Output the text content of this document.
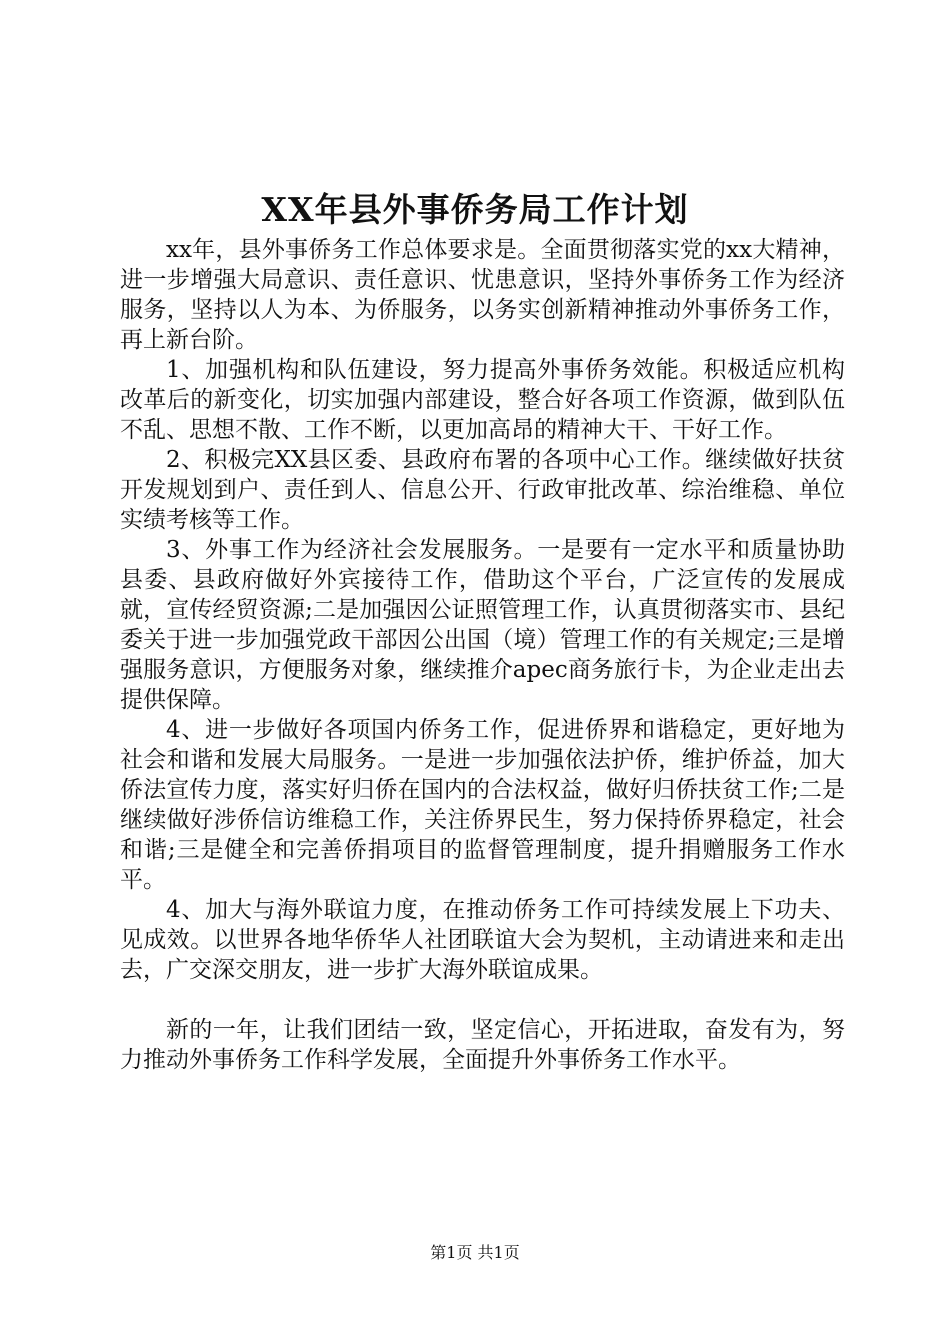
XX年县外事侨务局工作计划

xx年，县外事侨务工作总体要求是。全面贯彻落实党的xx大精神，进一步增强大局意识、责任意识、忧患意识，坚持外事侨务工作为经济服务，坚持以人为本、为侨服务，以务实创新精神推动外事侨务工作，再上新台阶。

1、加强机构和队伍建设，努力提高外事侨务效能。积极适应机构改革后的新变化，切实加强内部建设，整合好各项工作资源，做到队伍不乱、思想不散、工作不断，以更加高昂的精神大干、干好工作。

2、积极完XX县区委、县政府布署的各项中心工作。继续做好扶贫开发规划到户、责任到人、信息公开、行政审批改革、综治维稳、单位实绩考核等工作。

3、外事工作为经济社会发展服务。一是要有一定水平和质量协助县委、县政府做好外宾接待工作，借助这个平台，广泛宣传的发展成就，宣传经贸资源;二是加强因公证照管理工作，认真贯彻落实市、县纪委关于进一步加强党政干部因公出国（境）管理工作的有关规定;三是增强服务意识，方便服务对象，继续推介apec商务旅行卡，为企业走出去提供保障。

4、进一步做好各项国内侨务工作，促进侨界和谐稳定，更好地为社会和谐和发展大局服务。一是进一步加强依法护侨，维护侨益，加大侨法宣传力度，落实好归侨在国内的合法权益，做好归侨扶贫工作;二是继续做好涉侨信访维稳工作，关注侨界民生，努力保持侨界稳定，社会和谐;三是健全和完善侨捐项目的监督管理制度，提升捐赠服务工作水平。

4、加大与海外联谊力度，在推动侨务工作可持续发展上下功夫、见成效。以世界各地华侨华人社团联谊大会为契机，主动请进来和走出去，广交深交朋友，进一步扩大海外联谊成果。

新的一年，让我们团结一致，坚定信心，开拓进取，奋发有为，努力推动外事侨务工作科学发展，全面提升外事侨务工作水平。

第1页 共1页
